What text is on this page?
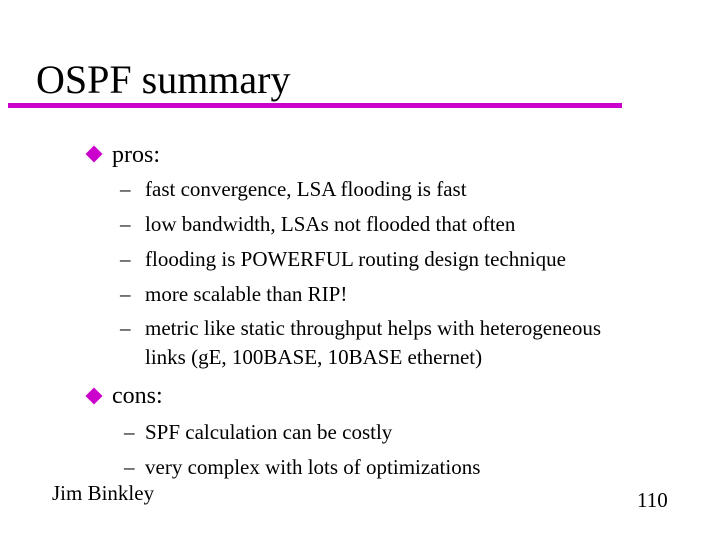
OSPF summary
pros:
– fast convergence, LSA flooding is fast
– low bandwidth, LSAs not flooded that often
– flooding is POWERFUL routing design technique
– more scalable than RIP!
– metric like static throughput helps with heterogeneous
links (gE, 100BASE, 10BASE ethernet)
cons:
– SPF calculation can be costly
– very complex with lots of optimizations
Jim Binkley	110
